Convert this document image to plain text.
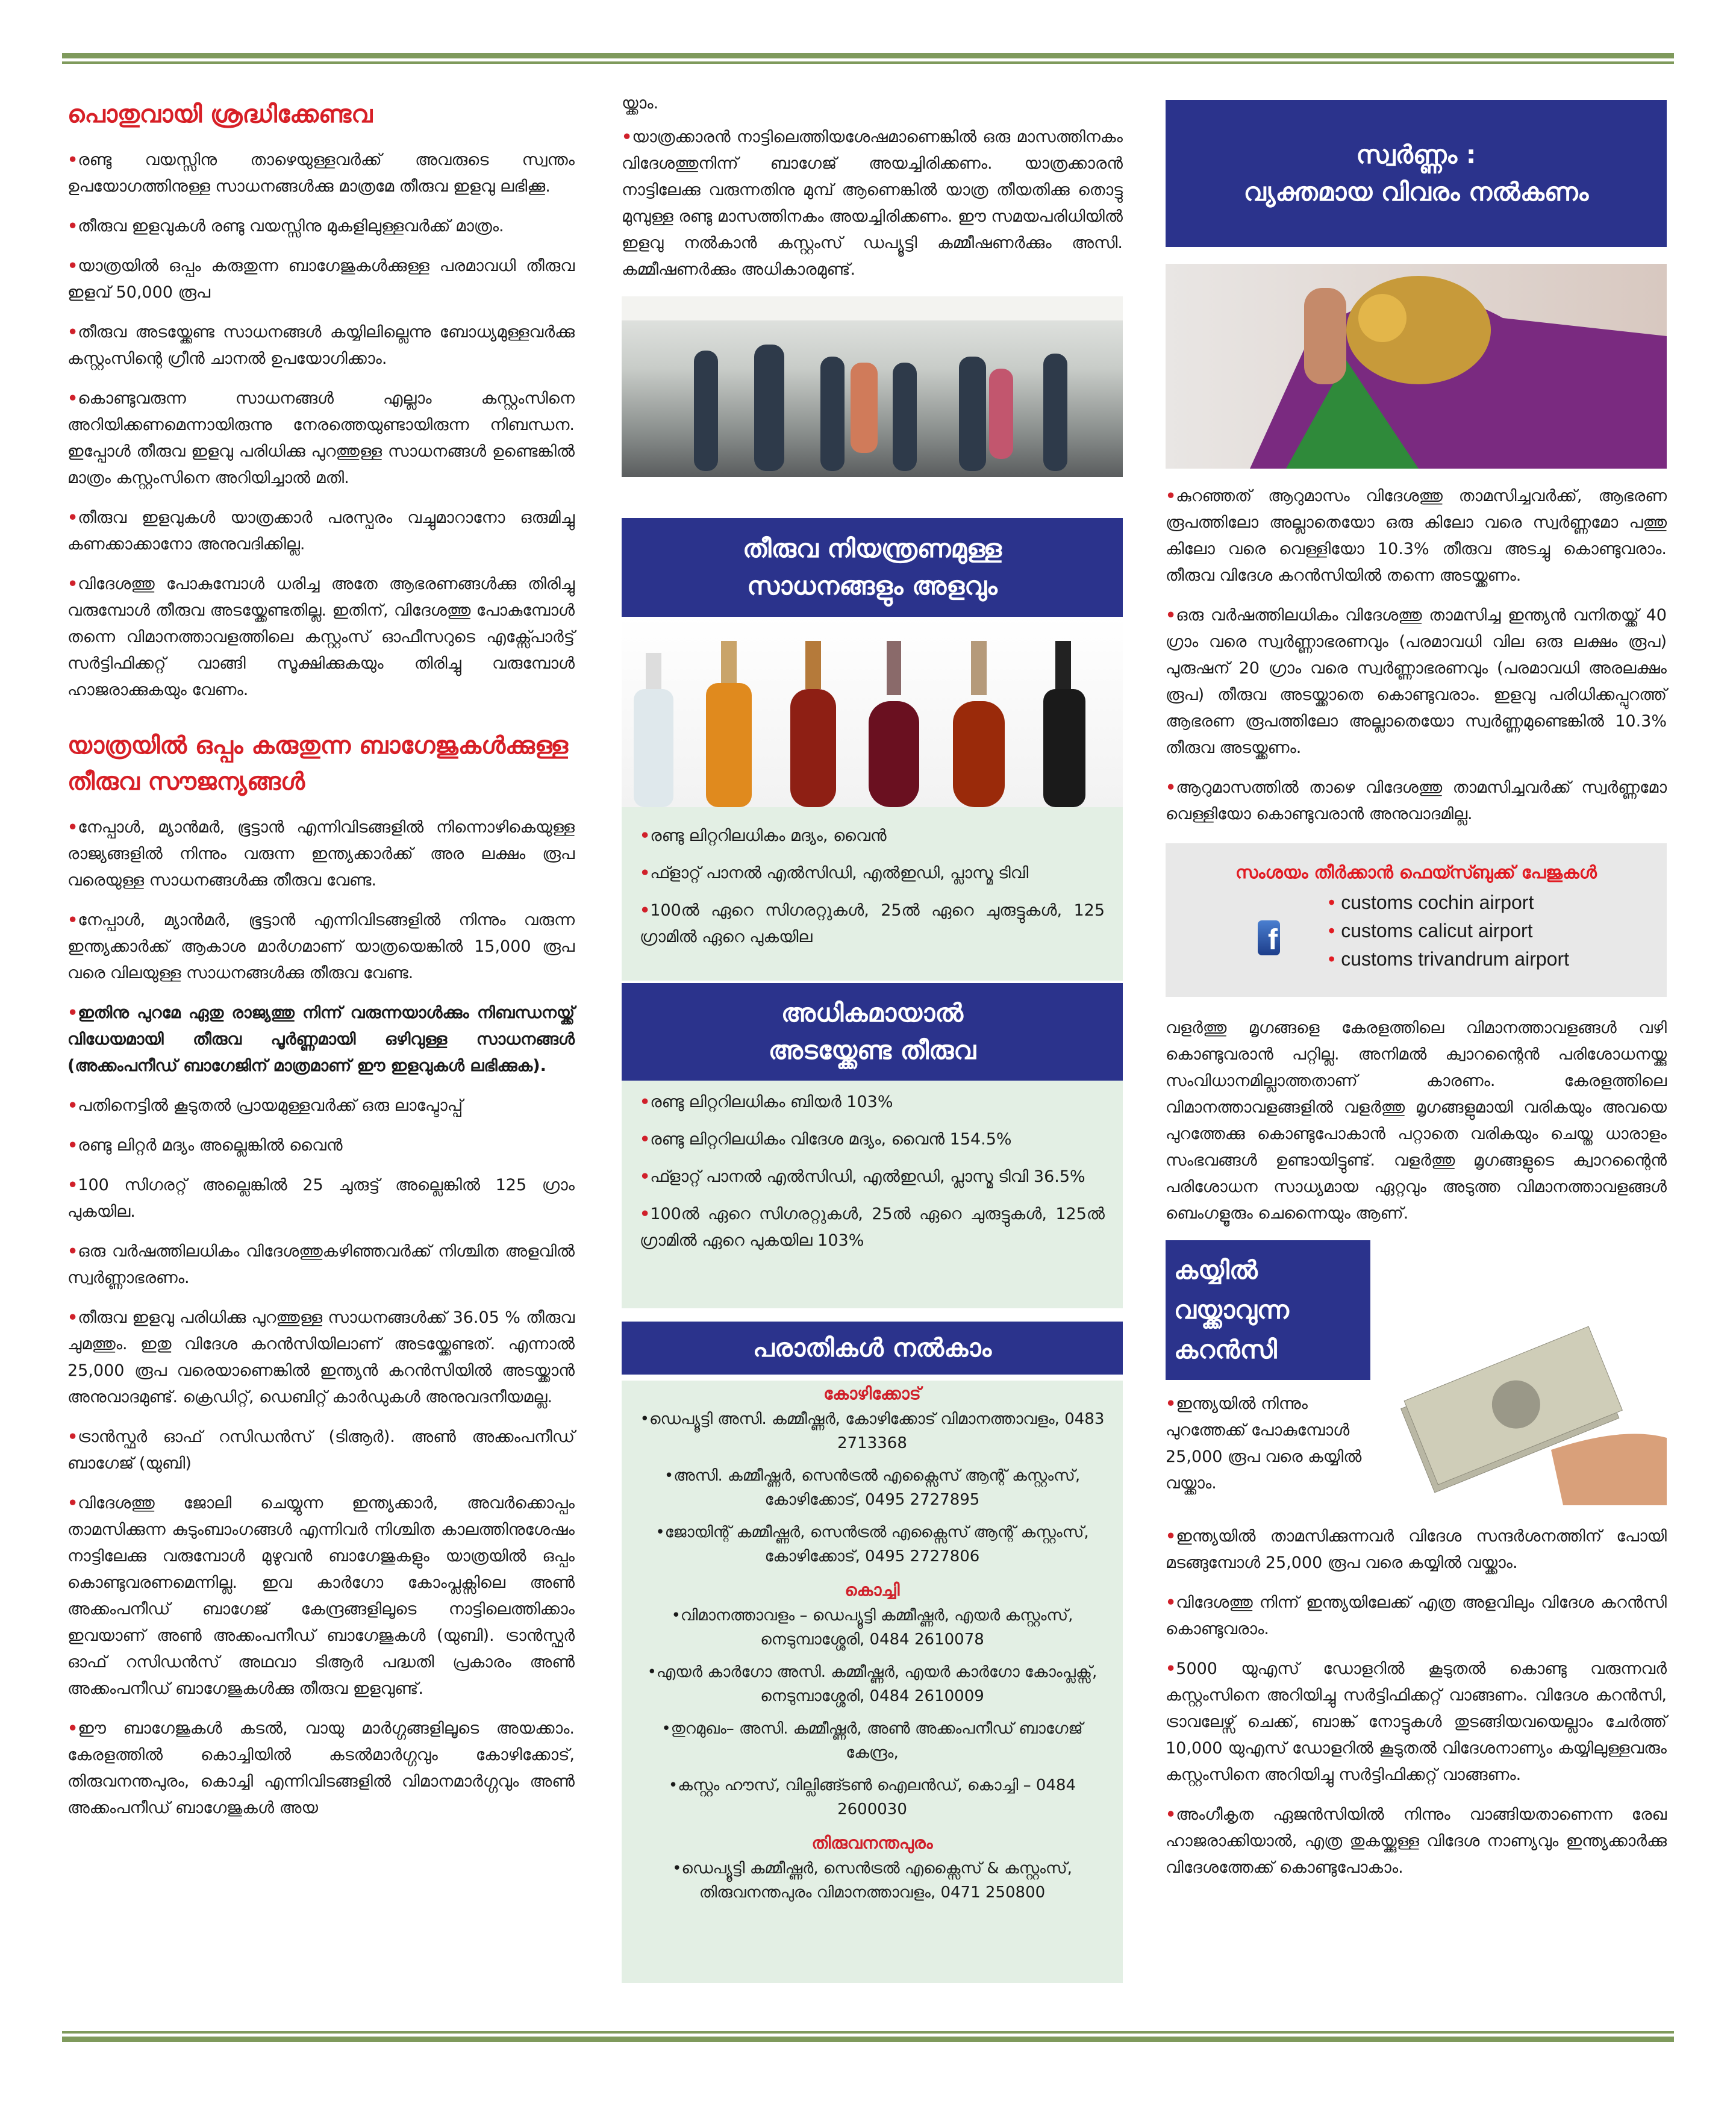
പൊതുവായി ശ്രദ്ധിക്കേണ്ടവ
•രണ്ടു വയസ്സിനു താഴെയുള്ളവർക്ക് അവരുടെ സ്വന്തം ഉപയോഗത്തിനുള്ള സാധനങ്ങൾക്കു മാത്രമേ തീരുവ ഇളവു ലഭിക്കൂ.
•തീരുവ ഇളവുകൾ രണ്ടു വയസ്സിനു മുകളിലുള്ളവർക്ക് മാത്രം.
•യാത്രയിൽ ഒപ്പം കരുതുന്ന ബാഗേജുകൾക്കുള്ള പരമാവധി തീരുവ ഇളവ് 50,000 രൂപ
•തീരുവ അടയ്ക്കേണ്ട സാധനങ്ങൾ കയ്യിലില്ലെന്നു ബോധ്യമുള്ളവർക്കു കസ്റ്റംസിന്റെ ഗ്രീൻ ചാനൽ ഉപയോഗിക്കാം.
•കൊണ്ടുവരുന്ന സാധനങ്ങൾ എല്ലാം കസ്റ്റംസിനെ അറിയിക്കണമെന്നായിരുന്നു നേരത്തെയുണ്ടായിരുന്ന നിബന്ധന. ഇപ്പോൾ തീരുവ ഇളവു പരിധിക്കു പുറത്തുള്ള സാധനങ്ങൾ ഉണ്ടെങ്കിൽ മാത്രം കസ്റ്റംസിനെ അറിയിച്ചാൽ മതി.
•തീരുവ ഇളവുകൾ യാത്രക്കാർ പരസ്പരം വച്ചുമാറാനോ ഒരുമിച്ചു കണക്കാക്കാനോ അനുവദിക്കില്ല.
•വിദേശത്തു പോകുമ്പോൾ ധരിച്ച അതേ ആഭരണങ്ങൾക്കു തിരിച്ചു വരുമ്പോൾ തീരുവ അടയ്ക്കേണ്ടതില്ല. ഇതിന്, വിദേശത്തു പോകുമ്പോൾ തന്നെ വിമാനത്താവളത്തിലെ കസ്റ്റംസ് ഓഫീസറുടെ എക്സ്പോർട്ട് സർട്ടിഫിക്കറ്റ് വാങ്ങി സൂക്ഷിക്കുകയും തിരിച്ചു വരുമ്പോൾ ഹാജരാക്കുകയും വേണം.
യാത്രയിൽ ഒപ്പം കരുതുന്ന ബാഗേജുകൾക്കുള്ള തീരുവ സൗജന്യങ്ങൾ
•നേപ്പാൾ, മ്യാൻമർ, ഭൂട്ടാൻ എന്നിവിടങ്ങളിൽ നിന്നൊഴികെയുള്ള രാജ്യങ്ങളിൽ നിന്നും വരുന്ന ഇന്ത്യക്കാർക്ക് അര ലക്ഷം രൂപ വരെയുള്ള സാധനങ്ങൾക്കു തീരുവ വേണ്ട.
•നേപ്പാൾ, മ്യാൻമർ, ഭൂട്ടാൻ എന്നിവിടങ്ങളിൽ നിന്നും വരുന്ന ഇന്ത്യക്കാർക്ക് ആകാശ മാർഗമാണ് യാത്രയെങ്കിൽ 15,000 രൂപ വരെ വിലയുള്ള സാധനങ്ങൾക്കു തീരുവ വേണ്ട.
•ഇതിനു പുറമേ ഏതു രാജ്യത്തു നിന്ന് വരുന്നയാൾക്കും നിബന്ധനയ്ക്ക് വിധേയമായി തീരുവ പൂർണ്ണമായി ഒഴിവുള്ള സാധനങ്ങൾ (അക്കംപനീഡ് ബാഗേജിന് മാത്രമാണ് ഈ ഇളവുകൾ ലഭിക്കുക).
•പതിനെട്ടിൽ കൂടുതൽ പ്രായമുള്ളവർക്ക് ഒരു ലാപ്ടോപ്പ്
•രണ്ടു ലിറ്റർ മദ്യം അല്ലെങ്കിൽ വൈൻ
•100 സിഗരറ്റ് അല്ലെങ്കിൽ 25 ചുരുട്ട് അല്ലെങ്കിൽ 125 ഗ്രാം പുകയില.
•ഒരു വർഷത്തിലധികം വിദേശത്തുകഴിഞ്ഞവർക്ക് നിശ്ചിത അളവിൽ സ്വർണ്ണാഭരണം.
•തീരുവ ഇളവു പരിധിക്കു പുറത്തുള്ള സാധനങ്ങൾക്ക് 36.05 % തീരുവ ചുമത്തും. ഇതു വിദേശ കറൻസിയിലാണ് അടയ്ക്കേണ്ടത്. എന്നാൽ 25,000 രൂപ വരെയാണെങ്കിൽ ഇന്ത്യൻ കറൻസിയിൽ അടയ്ക്കാൻ അനുവാദമുണ്ട്. ക്രെഡിറ്റ്, ഡെബിറ്റ് കാർഡുകൾ അനുവദനീയമല്ല.
•ട്രാൻസ്ഫർ ഓഫ് റസിഡൻസ് (ടിആർ). അൺ അക്കംപനീഡ് ബാഗേജ് (യുബി)
•വിദേശത്തു ജോലി ചെയ്യുന്ന ഇന്ത്യക്കാർ, അവർക്കൊപ്പം താമസിക്കുന്ന കുടുംബാംഗങ്ങൾ എന്നിവർ നിശ്ചിത കാലത്തിനുശേഷം നാട്ടിലേക്കു വരുമ്പോൾ മുഴുവൻ ബാഗേജുകളും യാത്രയിൽ ഒപ്പം കൊണ്ടുവരണമെന്നില്ല. ഇവ കാർഗോ കോംപ്ലക്സിലെ അൺ അക്കംപനീഡ് ബാഗേജ് കേന്ദ്രങ്ങളിലൂടെ നാട്ടിലെത്തിക്കാം ഇവയാണ് അൺ അക്കംപനീഡ് ബാഗേജുകൾ (യുബി). ട്രാൻസ്ഫർ ഓഫ് റസിഡൻസ് അഥവാ ടിആർ പദ്ധതി പ്രകാരം അൺ അക്കംപനീഡ് ബാഗേജുകൾക്കു തീരുവ ഇളവുണ്ട്.
•ഈ ബാഗേജുകൾ കടൽ, വായു മാർഗ്ഗങ്ങളിലൂടെ അയക്കാം. കേരളത്തിൽ കൊച്ചിയിൽ കടൽമാർഗ്ഗവും കോഴിക്കോട്, തിരുവനന്തപുരം, കൊച്ചി എന്നിവിടങ്ങളിൽ വിമാനമാർഗ്ഗവും അൺ അക്കംപനീഡ് ബാഗേജുകൾ അയ
യ്ക്കാം.
•യാത്രക്കാരൻ നാട്ടിലെത്തിയശേഷമാണെങ്കിൽ ഒരു മാസത്തിനകം വിദേശത്തുനിന്ന് ബാഗേജ് അയച്ചിരിക്കണം. യാത്രക്കാരൻ നാട്ടിലേക്കു വരുന്നതിനു മുമ്പ് ആണെങ്കിൽ യാത്ര തീയതിക്കു തൊട്ടു മുമ്പുള്ള രണ്ടു മാസത്തിനകം അയച്ചിരിക്കണം. ഈ സമയപരിധിയിൽ ഇളവു നൽകാൻ കസ്റ്റംസ് ഡപ്യൂട്ടി കമ്മീഷണർക്കും അസി. കമ്മീഷണർക്കും അധികാരമുണ്ട്.
തീരുവ നിയന്ത്രണമുള്ള
സാധനങ്ങളും അളവും
•രണ്ടു ലിറ്ററിലധികം മദ്യം, വൈൻ
•ഫ്ളാറ്റ് പാനൽ എൽസിഡി, എൽഇഡി, പ്ലാസ്മ ടിവി
•100ൽ ഏറെ സിഗരറ്റുകൾ, 25ൽ ഏറെ ചുരുട്ടുകൾ, 125 ഗ്രാമിൽ ഏറെ പുകയില
അധികമായാൽ
അടയ്ക്കേണ്ട തീരുവ
•രണ്ടു ലിറ്ററിലധികം ബിയർ 103%
•രണ്ടു ലിറ്ററിലധികം വിദേശ മദ്യം, വൈൻ 154.5%
•ഫ്ളാറ്റ് പാനൽ എൽസിഡി, എൽഇഡി, പ്ലാസ്മ ടിവി 36.5%
•100ൽ ഏറെ സിഗരറ്റുകൾ, 25ൽ ഏറെ ചുരുട്ടുകൾ, 125ൽ ഗ്രാമിൽ ഏറെ പുകയില 103%
പരാതികൾ നൽകാം
കോഴിക്കോട്
•ഡെപ്യൂട്ടി അസി. കമ്മീഷ്ണർ, കോഴിക്കോട് വിമാനത്താവളം, 0483 2713368
•അസി. കമ്മീഷ്ണർ, സെൻട്രൽ എക്സൈസ് ആന്റ് കസ്റ്റംസ്, കോഴിക്കോട്, 0495 2727895
•ജോയിന്റ് കമ്മീഷ്ണർ, സെൻട്രൽ എക്സൈസ് ആന്റ് കസ്റ്റംസ്, കോഴിക്കോട്, 0495 2727806
കൊച്ചി
•വിമാനത്താവളം – ഡെപ്യൂട്ടി കമ്മീഷ്ണർ, എയർ കസ്റ്റംസ്, നെടുമ്പാശ്ശേരി, 0484 2610078
•എയർ കാർഗോ അസി. കമ്മീഷ്ണർ, എയർ കാർഗോ കോംപ്ലക്സ്, നെടുമ്പാശ്ശേരി, 0484 2610009
•തുറമുഖം– അസി. കമ്മീഷ്ണർ, അൺ അക്കംപനീഡ് ബാഗേജ് കേന്ദ്രം,
•കസ്റ്റം ഹൗസ്, വില്ലിങ്ങ്ടൺ ഐലൻഡ്, കൊച്ചി – 0484 2600030
തിരുവനന്തപുരം
•ഡെപ്യൂട്ടി കമ്മീഷ്ണർ, സെൻട്രൽ എക്സൈസ് & കസ്റ്റംസ്, തിരുവനന്തപുരം വിമാനത്താവളം, 0471 250800
സ്വർണ്ണം :
വ്യക്തമായ വിവരം നൽകണം
•കുറഞ്ഞത് ആറുമാസം വിദേശത്തു താമസിച്ചവർക്ക്, ആഭരണ രൂപത്തിലോ അല്ലാതെയോ ഒരു കിലോ വരെ സ്വർണ്ണമോ പത്തു കിലോ വരെ വെള്ളിയോ 10.3% തീരുവ അടച്ചു കൊണ്ടുവരാം. തീരുവ വിദേശ കറൻസിയിൽ തന്നെ അടയ്ക്കണം.
•ഒരു വർഷത്തിലധികം വിദേശത്തു താമസിച്ച ഇന്ത്യൻ വനിതയ്ക്ക് 40 ഗ്രാം വരെ സ്വർണ്ണാഭരണവും (പരമാവധി വില ഒരു ലക്ഷം രൂപ) പുരുഷന് 20 ഗ്രാം വരെ സ്വർണ്ണാഭരണവും (പരമാവധി അരലക്ഷം രൂപ) തീരുവ അടയ്ക്കാതെ കൊണ്ടുവരാം. ഇളവു പരിധിക്കപ്പുറത്ത് ആഭരണ രൂപത്തിലോ അല്ലാതെയോ സ്വർണ്ണമുണ്ടെങ്കിൽ 10.3% തീരുവ അടയ്ക്കണം.
•ആറുമാസത്തിൽ താഴെ വിദേശത്തു താമസിച്ചവർക്ക് സ്വർണ്ണമോ വെള്ളിയോ കൊണ്ടുവരാൻ അനുവാദമില്ല.
സംശയം തീർക്കാൻ ഫെയ്സ്ബുക്ക് പേജുകൾ
f
• customs cochin airport
• customs calicut airport
• customs trivandrum airport
വളർത്തു മൃഗങ്ങളെ കേരളത്തിലെ വിമാനത്താവളങ്ങൾ വഴി കൊണ്ടുവരാൻ പറ്റില്ല. അനിമൽ ക്വാറന്റൈൻ പരിശോധനയ്ക്കു സംവിധാനമില്ലാത്തതാണ് കാരണം. കേരളത്തിലെ വിമാനത്താവളങ്ങളിൽ വളർത്തു മൃഗങ്ങളുമായി വരികയും അവയെ പുറത്തേക്കു കൊണ്ടുപോകാൻ പറ്റാതെ വരികയും ചെയ്ത ധാരാളം സംഭവങ്ങൾ ഉണ്ടായിട്ടുണ്ട്. വളർത്തു മൃഗങ്ങളുടെ ക്വാറന്റൈൻ പരിശോധന സാധ്യമായ ഏറ്റവും അടുത്ത വിമാനത്താവളങ്ങൾ ബെംഗളൂരും ചെന്നൈയും ആണ്.
കയ്യിൽ
വയ്ക്കാവുന്ന
കറൻസി
•ഇന്ത്യയിൽ നിന്നും പുറത്തേക്ക് പോകുമ്പോൾ 25,000 രൂപ വരെ കയ്യിൽ വയ്ക്കാം.
•ഇന്ത്യയിൽ താമസിക്കുന്നവർ വിദേശ സന്ദർശനത്തിന് പോയി മടങ്ങുമ്പോൾ 25,000 രൂപ വരെ കയ്യിൽ വയ്ക്കാം.
•വിദേശത്തു നിന്ന് ഇന്ത്യയിലേക്ക് എത്ര അളവിലും വിദേശ കറൻസി കൊണ്ടുവരാം.
•5000 യുഎസ് ഡോളറിൽ കൂടുതൽ കൊണ്ടു വരുന്നവർ കസ്റ്റംസിനെ അറിയിച്ചു സർട്ടിഫിക്കറ്റ് വാങ്ങണം. വിദേശ കറൻസി, ട്രാവലേഴ്സ് ചെക്ക്, ബാങ്ക് നോട്ടുകൾ തുടങ്ങിയവയെല്ലാം ചേർത്ത് 10,000 യുഎസ് ഡോളറിൽ കൂടുതൽ വിദേശനാണ്യം കയ്യിലുള്ളവരും കസ്റ്റംസിനെ അറിയിച്ചു സർട്ടിഫിക്കറ്റ് വാങ്ങണം.
•അംഗീകൃത ഏജൻസിയിൽ നിന്നും വാങ്ങിയതാണെന്ന രേഖ ഹാജരാക്കിയാൽ, എത്ര തുകയ്ക്കുള്ള വിദേശ നാണ്യവും ഇന്ത്യക്കാർക്കു വിദേശത്തേക്ക് കൊണ്ടുപോകാം.
